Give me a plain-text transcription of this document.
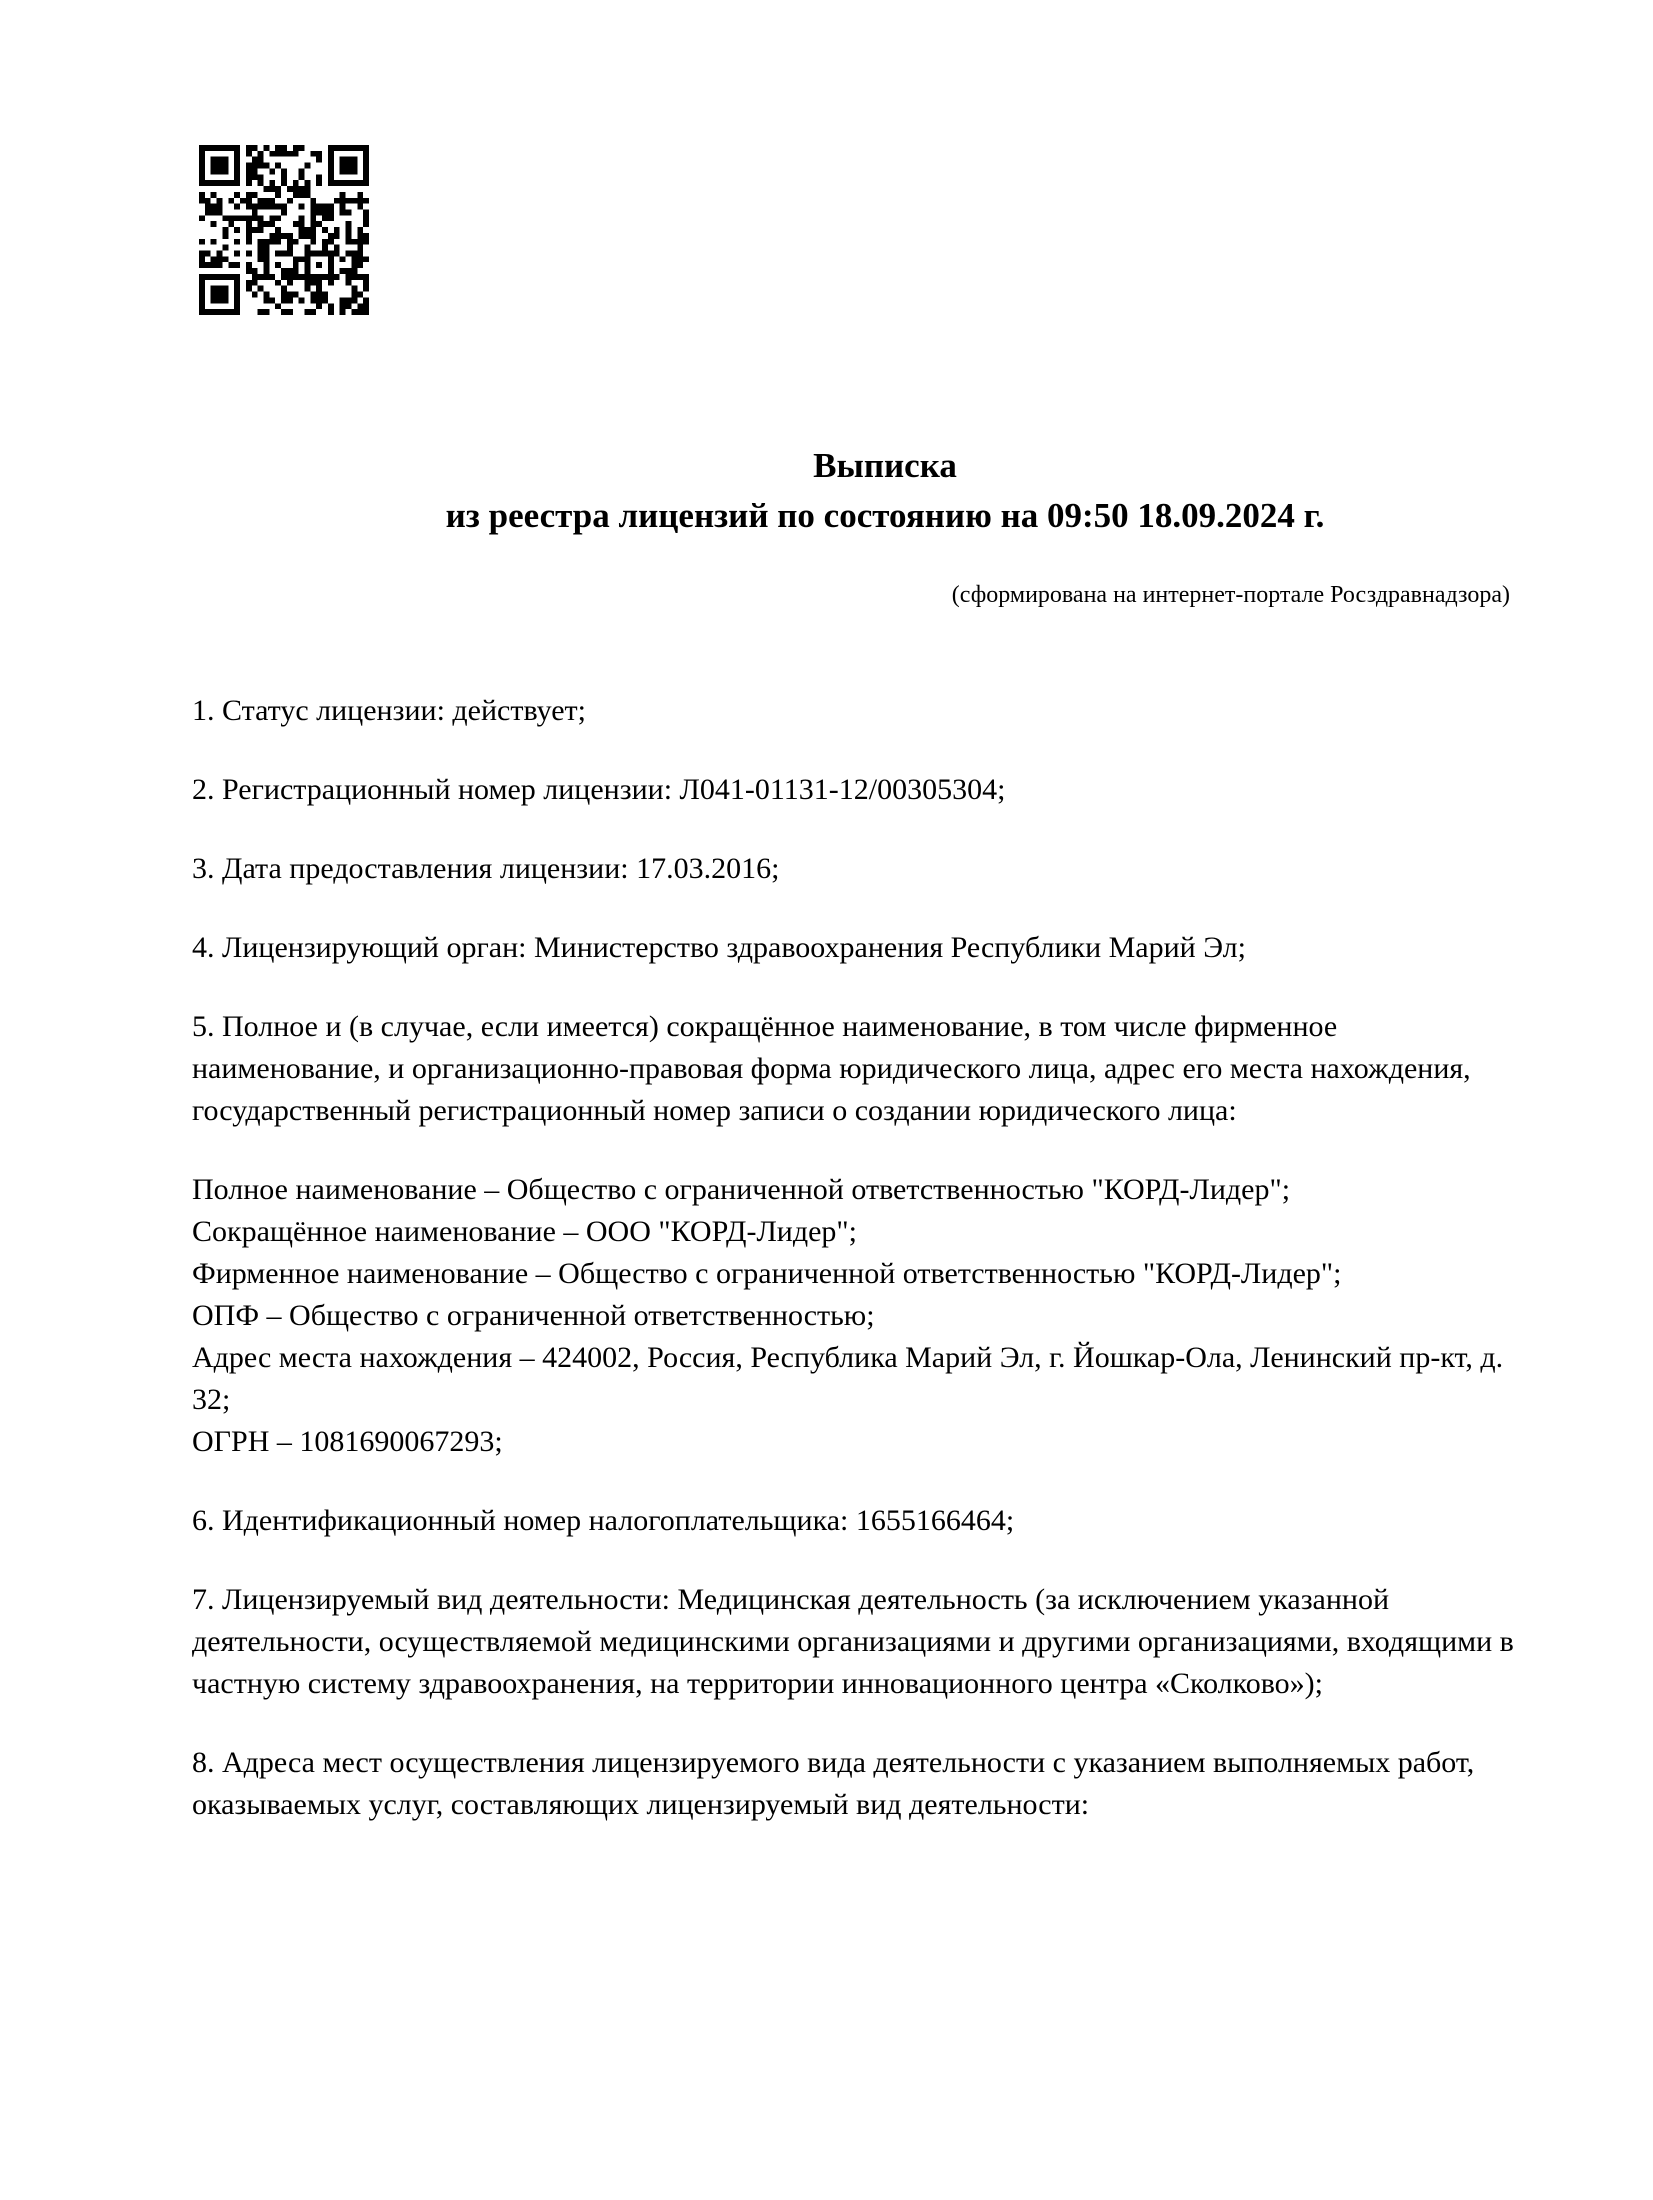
Выписка
из реестра лицензий по состоянию на 09:50 18.09.2024 г.
(сформирована на интернет-портале Росздравнадзора)

1. Статус лицензии: действует;

2. Регистрационный номер лицензии: Л041-01131-12/00305304;

3. Дата предоставления лицензии: 17.03.2016;

4. Лицензирующий орган: Министерство здравоохранения Республики Марий Эл;

5. Полное и (в случае, если имеется) сокращённое наименование, в том числе фирменное наименование, и организационно-правовая форма юридического лица, адрес его места нахождения, государственный регистрационный номер записи о создании юридического лица:

Полное наименование – Общество с ограниченной ответственностью "КОРД-Лидер";
Сокращённое наименование – ООО "КОРД-Лидер";
Фирменное наименование – Общество с ограниченной ответственностью "КОРД-Лидер";
ОПФ – Общество с ограниченной ответственностью;
Адрес места нахождения – 424002, Россия, Республика Марий Эл, г. Йошкар-Ола, Ленинский пр-кт, д. 32;
ОГРН – 1081690067293;

6. Идентификационный номер налогоплательщика: 1655166464;

7. Лицензируемый вид деятельности: Медицинская деятельность (за исключением указанной деятельности, осуществляемой медицинскими организациями и другими организациями, входящими в частную систему здравоохранения, на территории инновационного центра «Сколково»);

8. Адреса мест осуществления лицензируемого вида деятельности с указанием выполняемых работ, оказываемых услуг, составляющих лицензируемый вид деятельности:
